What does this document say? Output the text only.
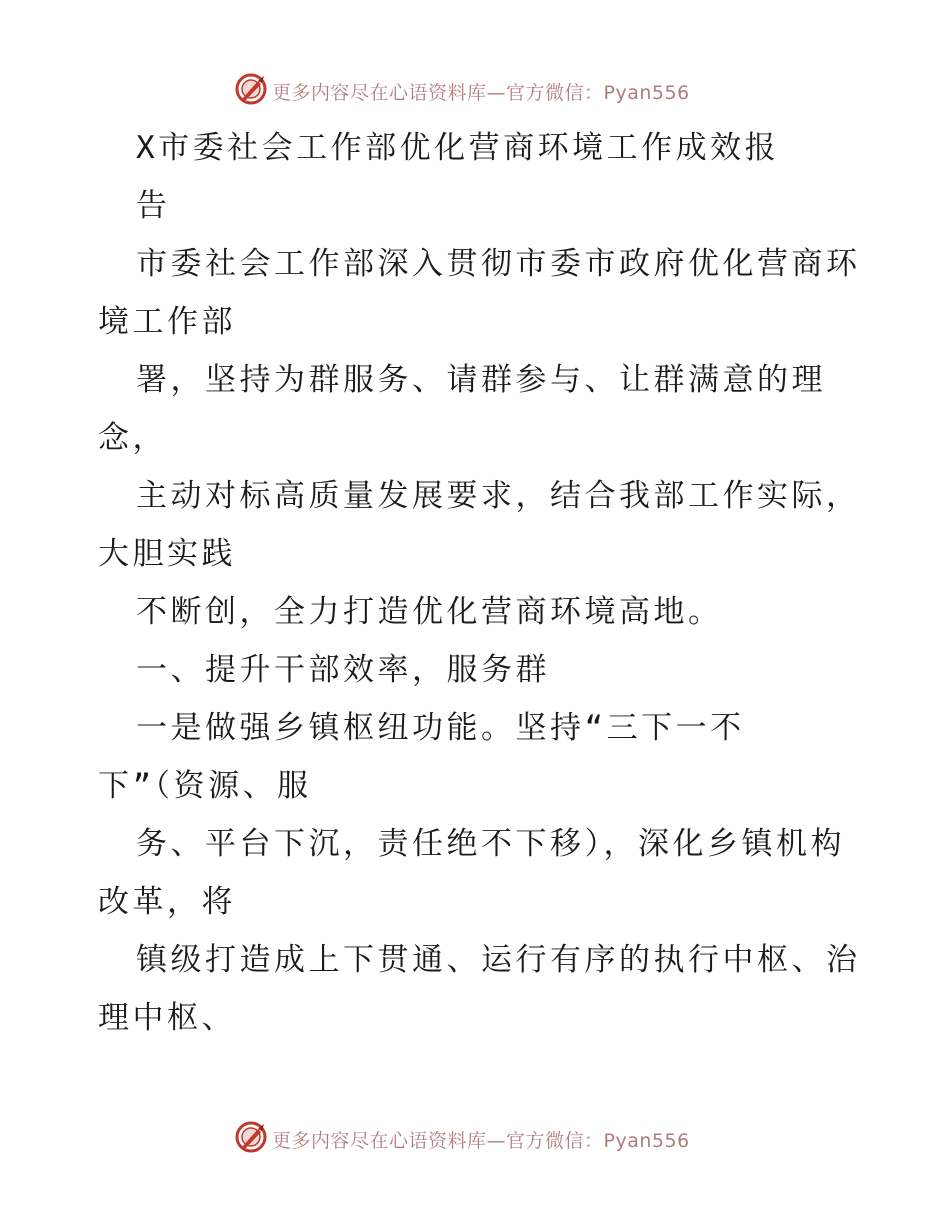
更多内容尽在心语资料库—官方微信：Pyan556
X市委社会工作部优化营商环境工作成效报
告
市委社会工作部深入贯彻市委市政府优化营商环
境工作部
署，坚持为群服务、请群参与、让群满意的理
念，
主动对标高质量发展要求，结合我部工作实际，
大胆实践
不断创，全力打造优化营商环境高地。
一、提升干部效率，服务群
一是做强乡镇枢纽功能。坚持“三下一不
下”（资源、服
务、平台下沉，责任绝不下移），深化乡镇机构
改革，将
镇级打造成上下贯通、运行有序的执行中枢、治
理中枢、
更多内容尽在心语资料库—官方微信：Pyan556
